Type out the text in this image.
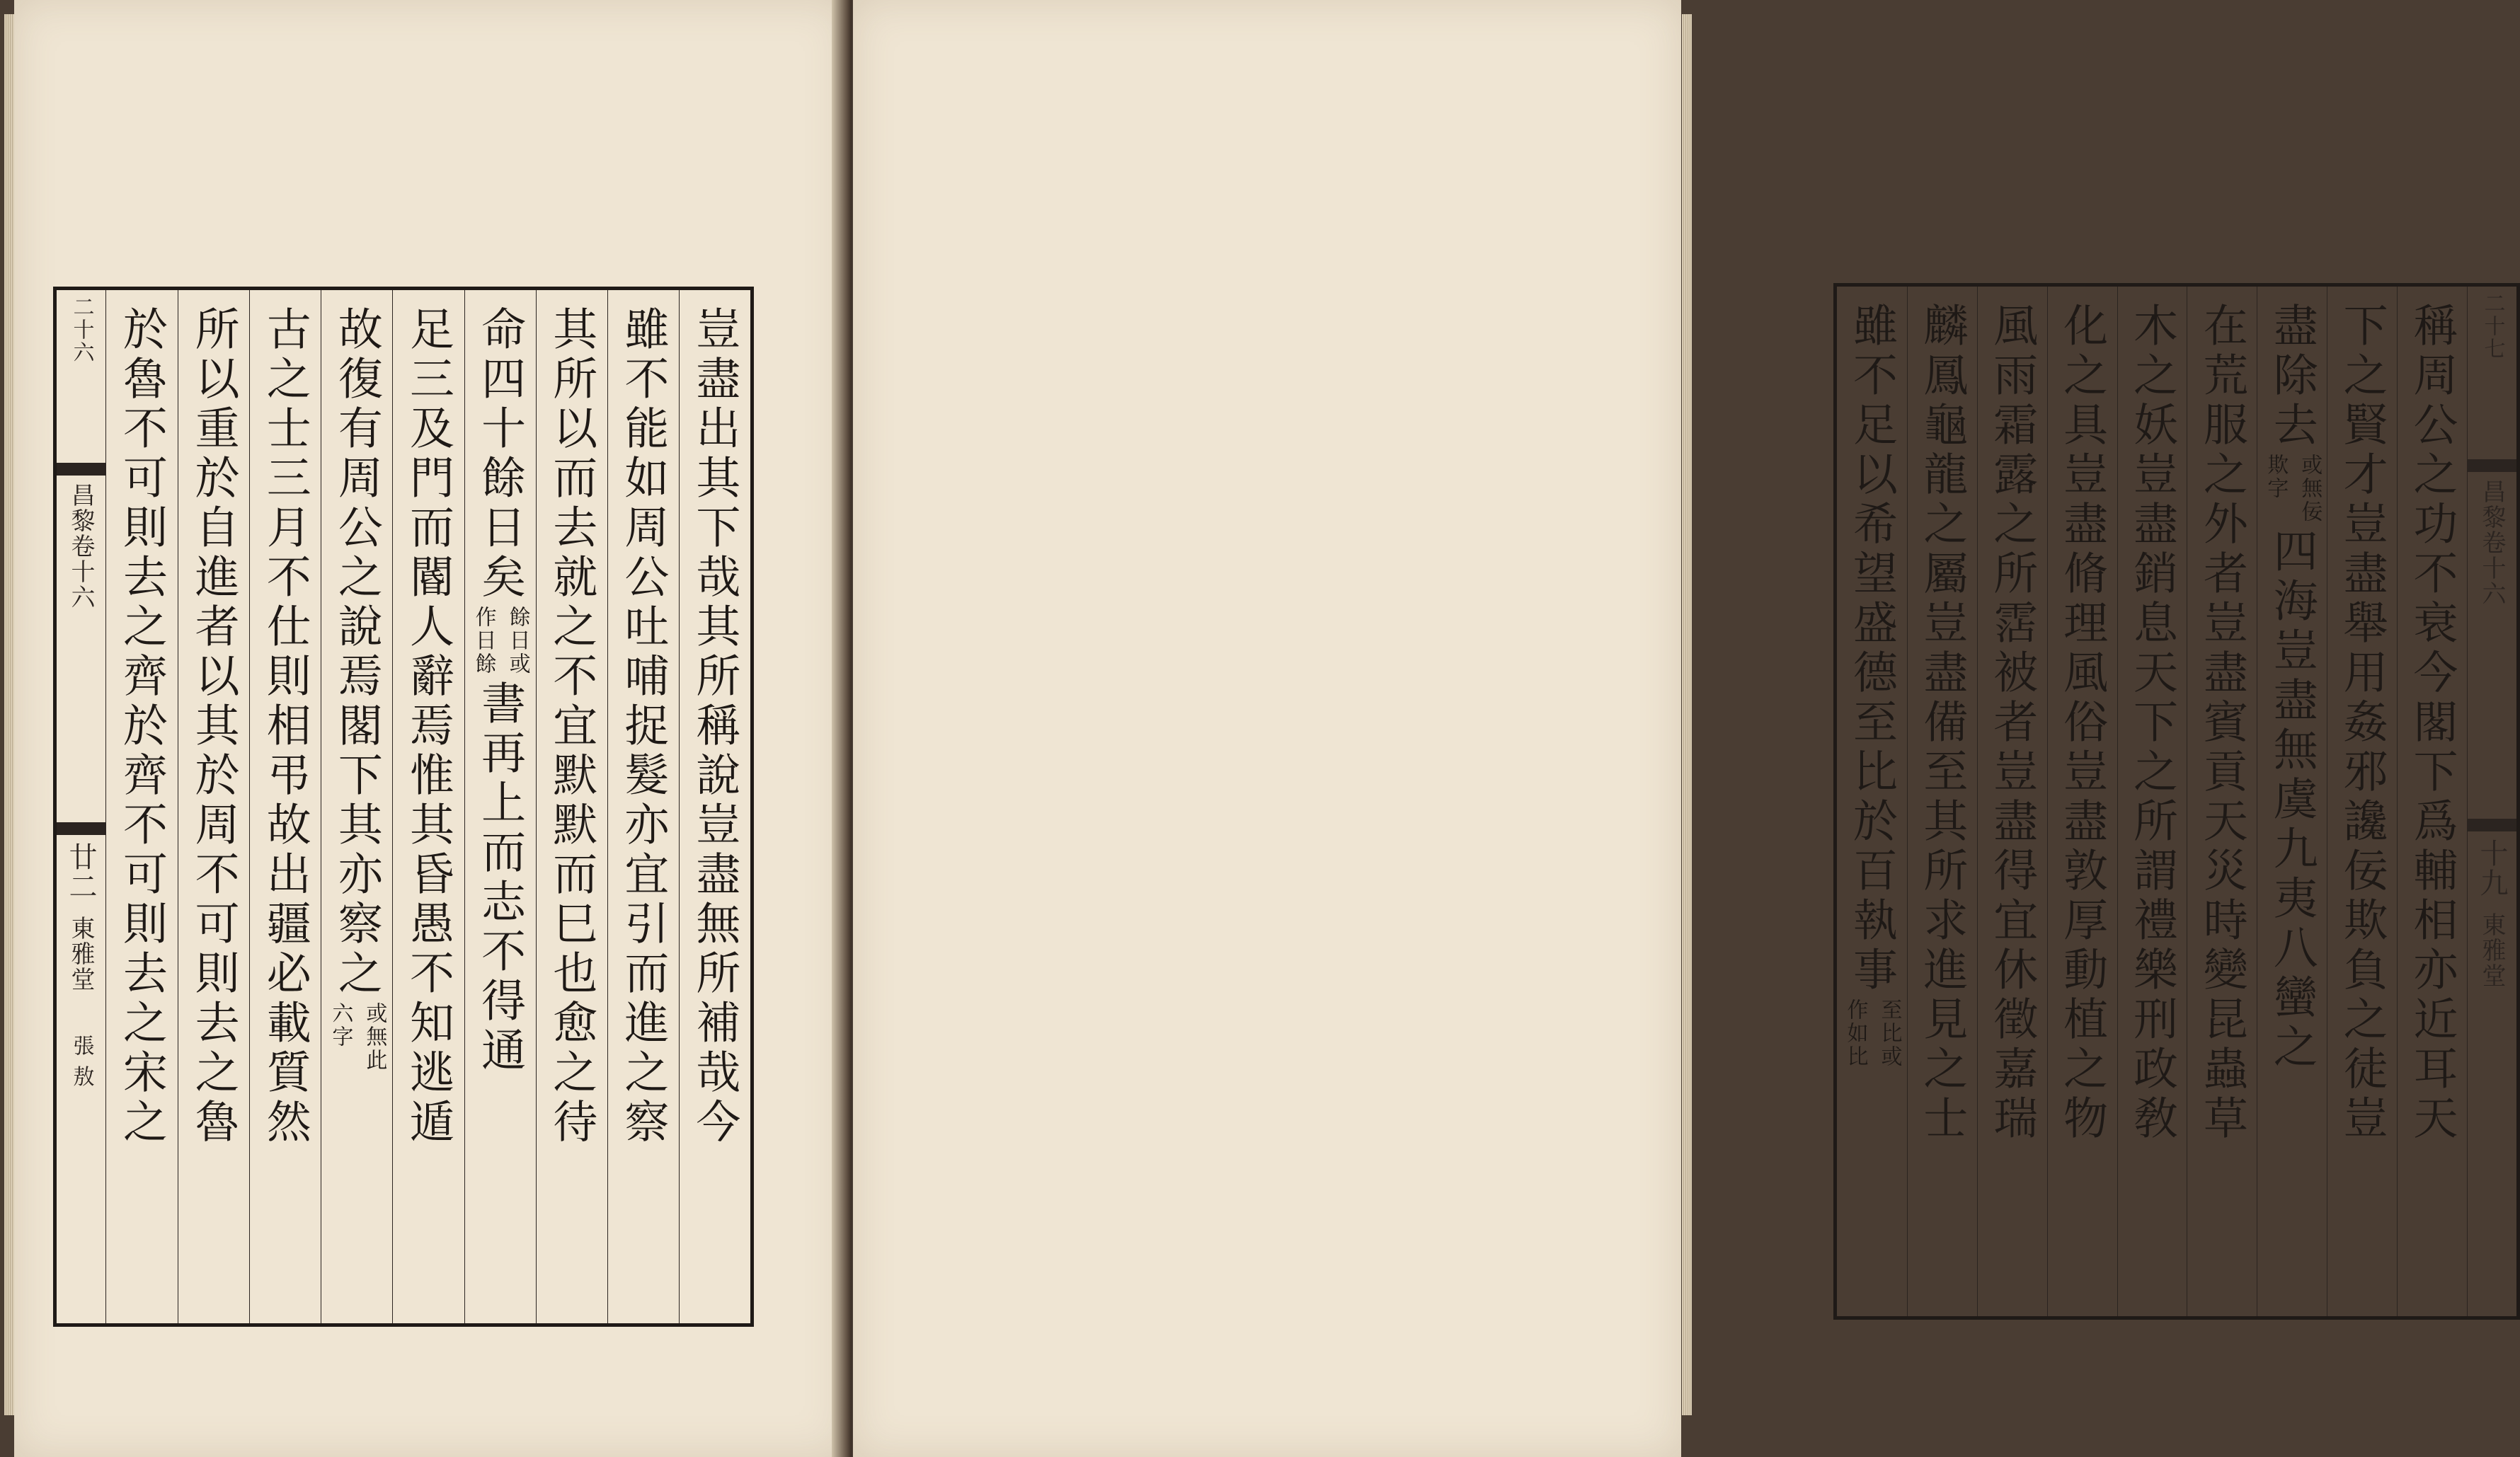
二十六
昌黎卷十六
廿二
東雅堂
張 敖	豈盡出其下哉其所稱說豈盡無所補哉今
雖不能如周公吐哺捉髮亦宜引而進之察
其所以而去就之不宜默默而巳也愈之待
命四十餘日矣
餘日或
作日餘
書再上而志不得通
足三及門而閽人辭焉惟其昏愚不知逃遁
故復有周公之說焉閣下其亦察之
或無此
六字
古之士三月不仕則相弔故出疆必載質然
所以重於自進者以其於周不可則去之魯
於魯不可則去之齊於齊不可則去之宋之	二十七
昌黎卷十六
十九
東雅堂
稱周公之功不衰今閣下爲輔相亦近耳天
下之賢才豈盡舉用姦邪讒佞欺負之徒豈
盡除去
或無佞
欺字
四海豈盡無虞九夷八蠻之
在荒服之外者豈盡賓貢天災時變昆蟲草
木之妖豈盡銷息天下之所謂禮樂刑政敎
化之具豈盡脩理風俗豈盡敦厚動植之物
風雨霜露之所霑被者豈盡得宜休徵嘉瑞
麟鳳龜龍之屬豈盡備至其所求進見之士
雖不足以希望盛德至比於百執事
至比或
作如比
